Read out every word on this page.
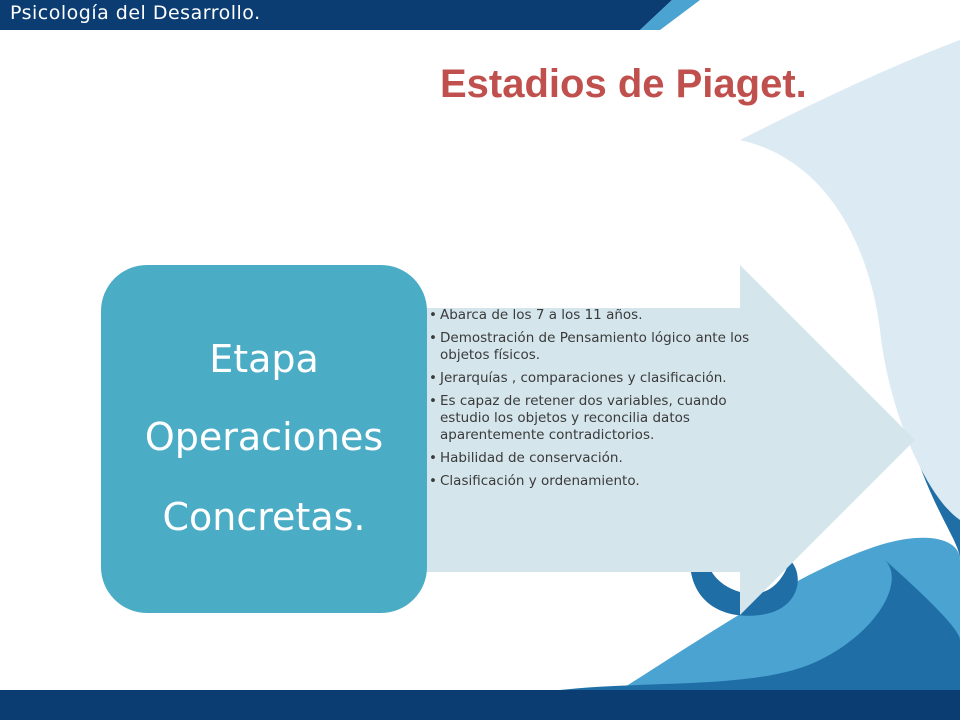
Psicología del Desarrollo.
Estadios de Piaget.
Etapa
Operaciones
Concretas.
• Abarca de los 7 a los 11 años.
• Demostración de Pensamiento lógico ante los objetos físicos.
• Jerarquías , comparaciones y clasificación.
• Es capaz de retener dos variables, cuando estudio los objetos y reconcilia datos aparentemente contradictorios.
• Habilidad de conservación.
• Clasificación y ordenamiento.
